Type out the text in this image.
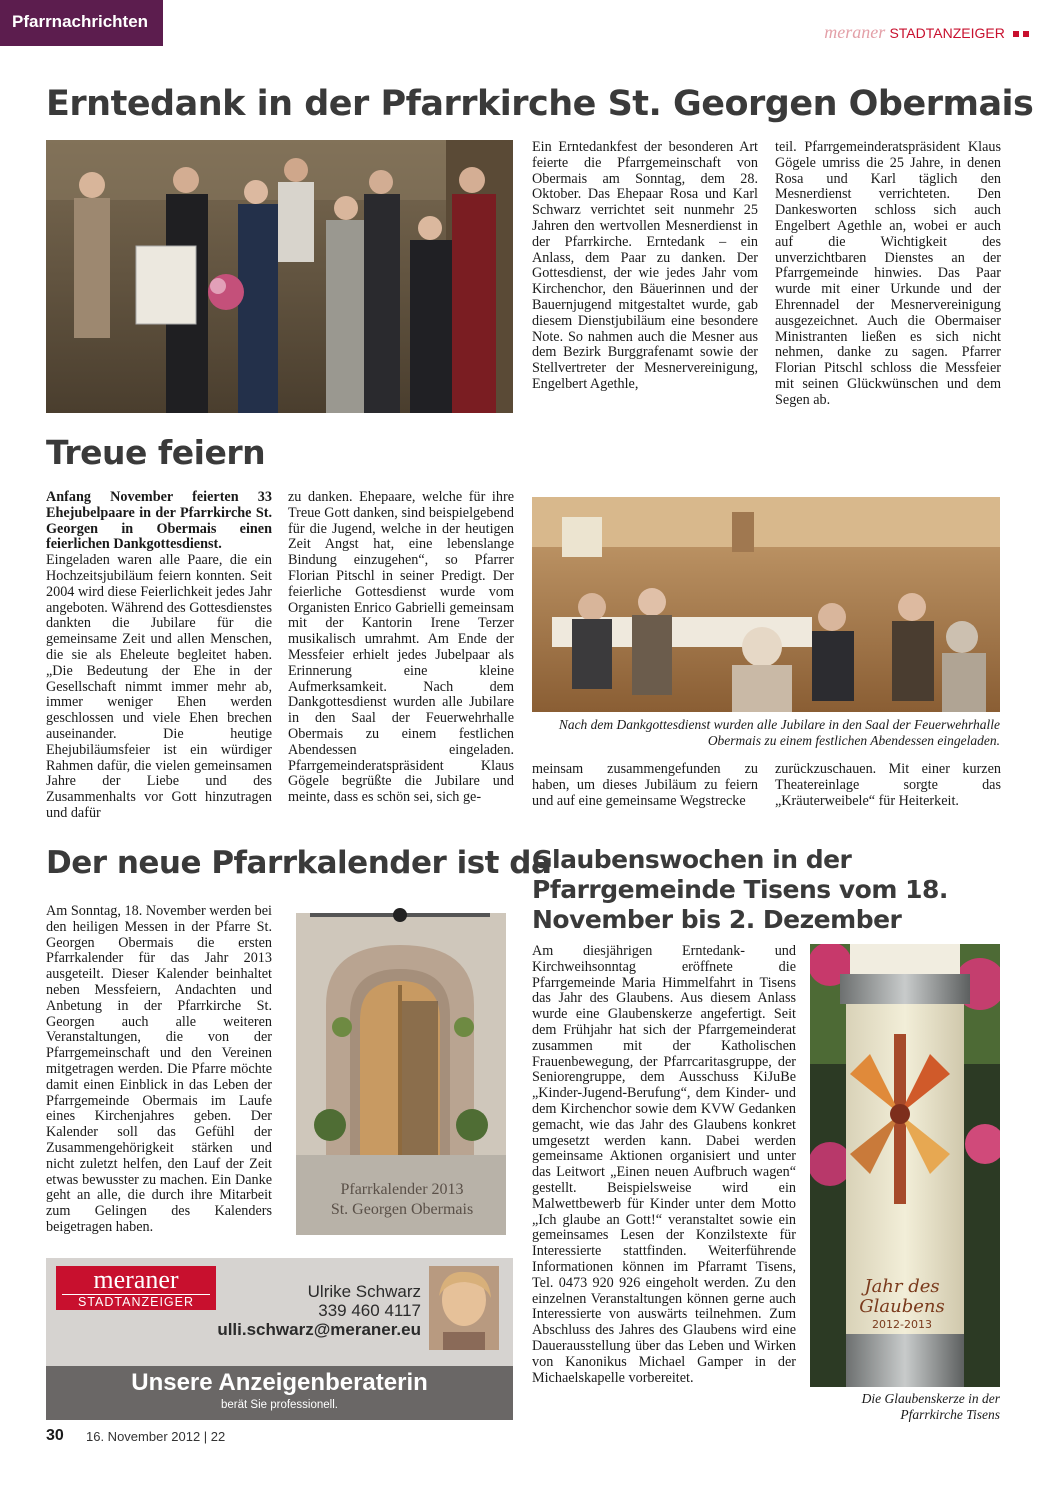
Pfarrnachrichten
meraner STADTANZEIGER
Erntedank in der Pfarrkirche St. Georgen Obermais

Ein Erntedankfest der besonderen Art feierte die Pfarrgemeinschaft von Obermais am Sonntag, dem 28. Oktober. Das Ehepaar Rosa und Karl Schwarz verrichtet seit nunmehr 25 Jahren den wertvollen Mesnerdienst in der Pfarrkirche. Erntedank – ein Anlass, dem Paar zu danken. Der Gottesdienst, der wie jedes Jahr vom Kirchenchor, den Bäuerinnen und der Bauernjugend mitgestaltet wurde, gab diesem Dienstjubiläum eine besondere Note. So nahmen auch die Mesner aus dem Bezirk Burggrafenamt sowie der Stellvertreter der Mesnervereinigung, Engelbert Agethle,

teil. Pfarrgemeinderatspräsident Klaus Gögele umriss die 25 Jahre, in denen Rosa und Karl täglich den Mesnerdienst verrichteten. Den Dankesworten schloss sich auch Engelbert Agethle an, wobei er auch auf die Wichtigkeit des unverzichtbaren Dienstes an der Pfarrgemeinde hinwies. Das Paar wurde mit einer Urkunde und der Ehrennadel der Mesnervereinigung ausgezeichnet. Auch die Obermaiser Ministranten ließen es sich nicht nehmen, danke zu sagen. Pfarrer Florian Pitschl schloss die Messfeier mit seinen Glückwünschen und dem Segen ab.

Treue feiern

Anfang November feierten 33 Ehejubelpaare in der Pfarrkirche St. Georgen in Obermais einen feierlichen Dankgottesdienst.

Eingeladen waren alle Paare, die ein Hochzeitsjubiläum feiern konnten. Seit 2004 wird diese Feierlichkeit jedes Jahr angeboten. Während des Gottesdienstes dankten die Jubilare für die gemeinsame Zeit und allen Menschen, die sie als Eheleute begleitet haben. „Die Bedeutung der Ehe in der Gesellschaft nimmt immer mehr ab, immer weniger Ehen werden geschlossen und viele Ehen brechen auseinander. Die heutige Ehejubiläumsfeier ist ein würdiger Rahmen dafür, die vielen gemeinsamen Jahre der Liebe und des Zusammenhalts vor Gott hinzutragen und dafür

zu danken. Ehepaare, welche für ihre Treue Gott danken, sind beispielgebend für die Jugend, welche in der heutigen Zeit Angst hat, eine lebenslange Bindung einzugehen“, so Pfarrer Florian Pitschl in seiner Predigt. Der feierliche Gottesdienst wurde vom Organisten Enrico Gabrielli gemeinsam mit der Kantorin Irene Terzer musikalisch umrahmt. Am Ende der Messfeier erhielt jedes Jubelpaar als Erinnerung eine kleine Aufmerksamkeit. Nach dem Dankgottesdienst wurden alle Jubilare in den Saal der Feuerwehrhalle Obermais zu einem festlichen Abendessen eingeladen. Pfarrgemeinderatspräsident Klaus Gögele begrüßte die Jubilare und meinte, dass es schön sei, sich ge-

Nach dem Dankgottesdienst wurden alle Jubilare in den Saal der Feuerwehrhalle Obermais zu einem festlichen Abendessen eingeladen.

meinsam zusammengefunden zu haben, um dieses Jubiläum zu feiern und auf eine gemeinsame Wegstrecke

zurückzuschauen. Mit einer kurzen Theatereinlage sorgte das „Kräuterweibele“ für Heiterkeit.

Der neue Pfarrkalender ist da

Am Sonntag, 18. November werden bei den heiligen Messen in der Pfarre St. Georgen Obermais die ersten Pfarrkalender für das Jahr 2013 ausgeteilt. Dieser Kalender beinhaltet neben Messfeiern, Andachten und Anbetung in der Pfarrkirche St. Georgen auch alle weiteren Veranstaltungen, die von der Pfarrgemeinschaft und den Vereinen mitgetragen werden. Die Pfarre möchte damit einen Einblick in das Leben der Pfarrgemeinde Obermais im Laufe eines Kirchenjahres geben. Der Kalender soll das Gefühl der Zusammengehörigkeit stärken und nicht zuletzt helfen, den Lauf der Zeit etwas bewusster zu machen. Ein Danke geht an alle, die durch ihre Mitarbeit zum Gelingen des Kalenders beigetragen haben.

Pfarrkalender 2013
St. Georgen Obermais
meraner
STADTANZEIGER
Ulrike Schwarz
339 460 4117
ulli.schwarz@meraner.eu
Unsere Anzeigenberaterin
berät Sie professionell.
Glaubenswochen in der Pfarrgemeinde Tisens vom 18. November bis 2. Dezember

Am diesjährigen Erntedank- und Kirchweihsonntag eröffnete die Pfarrgemeinde Maria Himmelfahrt in Tisens das Jahr des Glaubens. Aus diesem Anlass wurde eine Glaubenskerze angefertigt. Seit dem Frühjahr hat sich der Pfarrgemeinderat zusammen mit der Katholischen Frauenbewegung, der Pfarrcaritasgruppe, der Seniorengruppe, dem Ausschuss KiJuBe „Kinder-Jugend-Berufung“, dem Kinder- und dem Kirchenchor sowie dem KVW Gedanken gemacht, wie das Jahr des Glaubens konkret umgesetzt werden kann. Dabei werden gemeinsame Aktionen organisiert und unter das Leitwort „Einen neuen Aufbruch wagen“ gestellt. Beispielsweise wird ein Malwettbewerb für Kinder unter dem Motto „Ich glaube an Gott!“ veranstaltet sowie ein gemeinsames Lesen der Konzilstexte für Interessierte stattfinden. Weiterführende Informationen können im Pfarramt Tisens, Tel. 0473 920 926 eingeholt werden. Zu den einzelnen Veranstaltungen können gerne auch Interessierte von auswärts teilnehmen. Zum Abschluss des Jahres des Glaubens wird eine Dauerausstellung über das Leben und Wirken von Kanonikus Michael Gamper in der Michaelskapelle vorbereitet.

Jahr des
Glaubens
2012-2013
Die Glaubenskerze in der Pfarrkirche Tisens
30 16. November 2012 | 22
